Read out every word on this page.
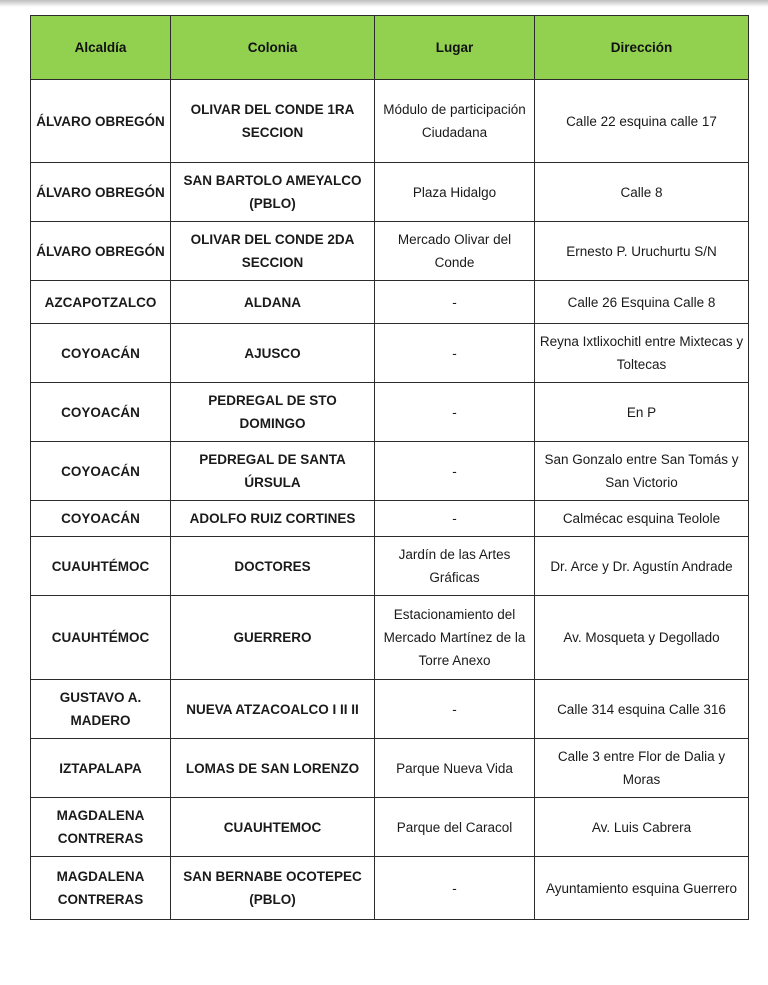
Alcaldía	Colonia	Lugar	Dirección
ÁLVARO OBREGÓN	OLIVAR DEL CONDE 1RA SECCION	Módulo de participación Ciudadana	Calle 22 esquina calle 17
ÁLVARO OBREGÓN	SAN BARTOLO AMEYALCO (PBLO)	Plaza Hidalgo	Calle 8
ÁLVARO OBREGÓN	OLIVAR DEL CONDE 2DA SECCION	Mercado Olivar del Conde	Ernesto P. Uruchurtu S/N
AZCAPOTZALCO	ALDANA	-	Calle 26 Esquina Calle 8
COYOACÁN	AJUSCO	-	Reyna Ixtlixochitl entre Mixtecas y Toltecas
COYOACÁN	PEDREGAL DE STO DOMINGO	-	En P
COYOACÁN	PEDREGAL DE SANTA ÚRSULA	-	San Gonzalo entre San Tomás y San Victorio
COYOACÁN	ADOLFO RUIZ CORTINES	-	Calmécac esquina Teolole
CUAUHTÉMOC	DOCTORES	Jardín de las Artes Gráficas	Dr. Arce y Dr. Agustín Andrade
CUAUHTÉMOC	GUERRERO	Estacionamiento del Mercado Martínez de la Torre Anexo	Av. Mosqueta y Degollado
GUSTAVO A. MADERO	NUEVA ATZACOALCO I II II	-	Calle 314 esquina Calle 316
IZTAPALAPA	LOMAS DE SAN LORENZO	Parque Nueva Vida	Calle 3 entre Flor de Dalia y Moras
MAGDALENA CONTRERAS	CUAUHTEMOC	Parque del Caracol	Av. Luis Cabrera
MAGDALENA CONTRERAS	SAN BERNABE OCOTEPEC (PBLO)	-	Ayuntamiento esquina Guerrero
